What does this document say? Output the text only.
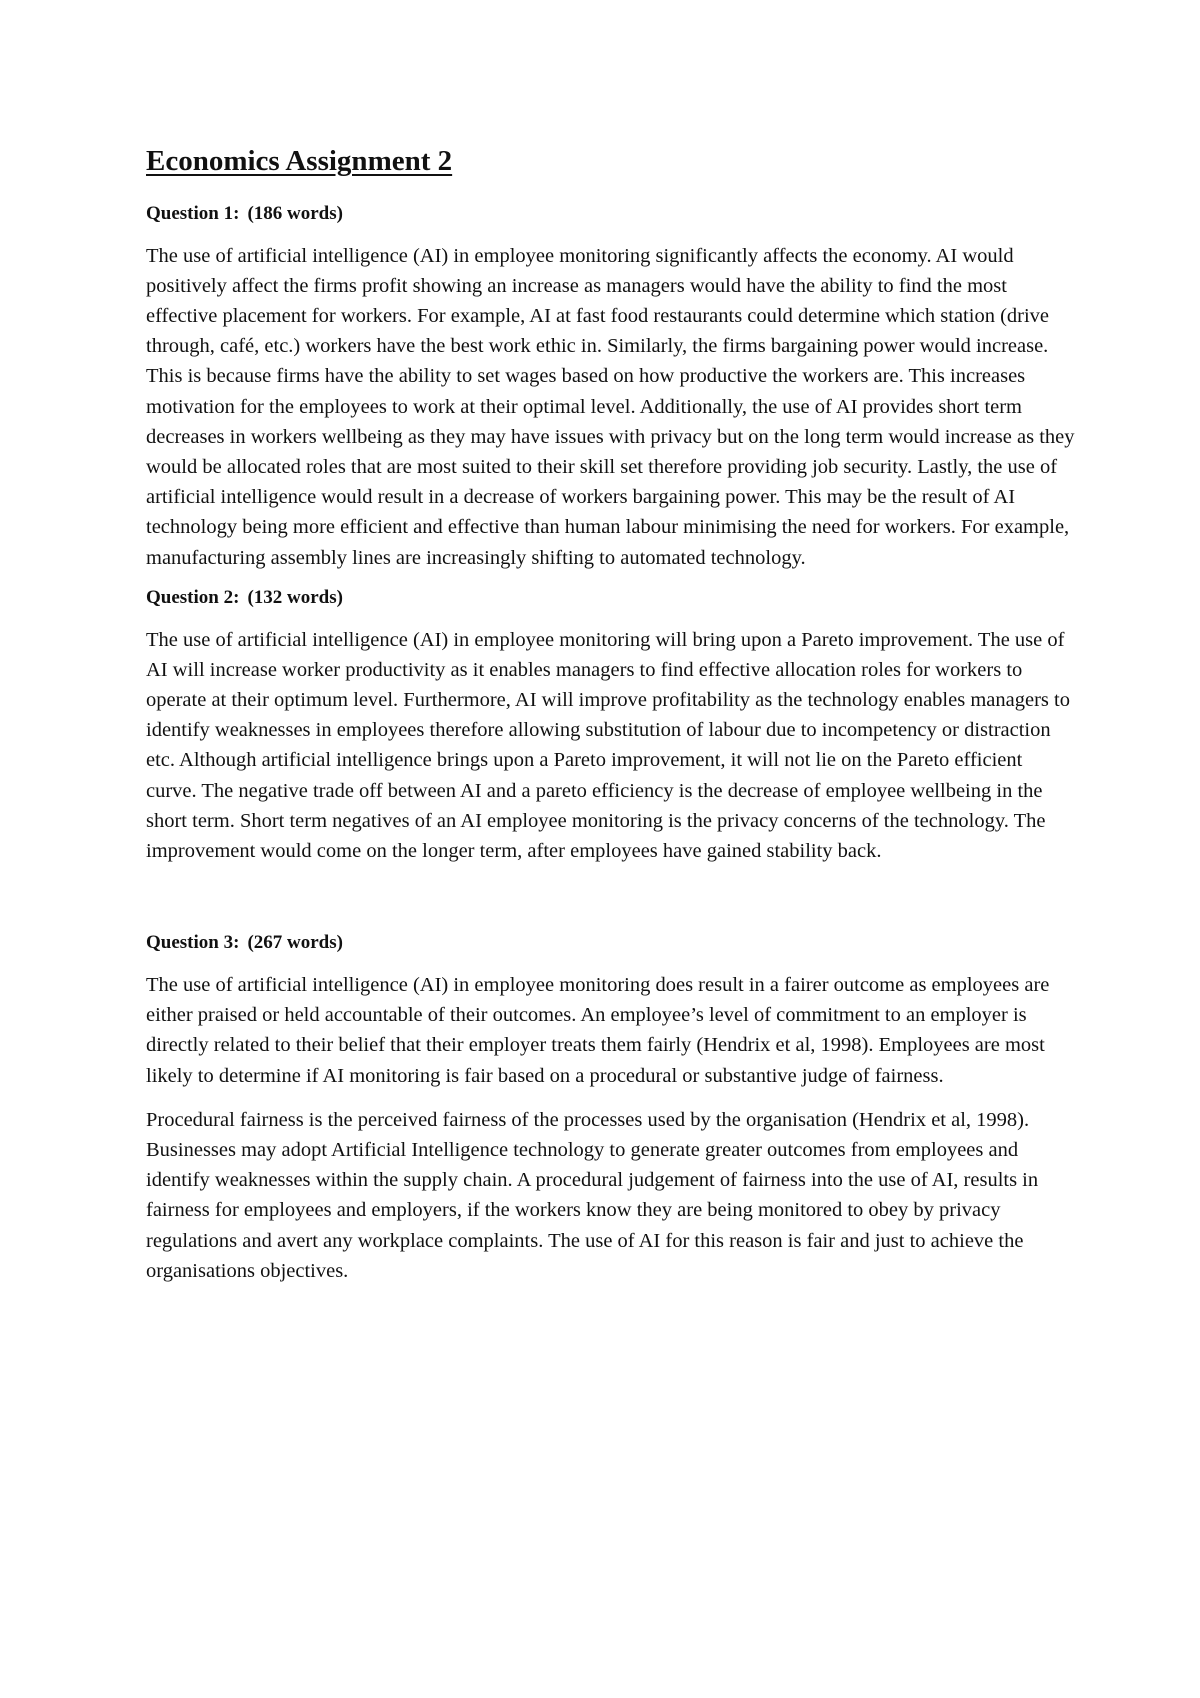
Economics Assignment 2
Question 1: (186 words)

The use of artificial intelligence (AI) in employee monitoring significantly affects the economy. AI would positively affect the firms profit showing an increase as managers would have the ability to find the most effective placement for workers. For example, AI at fast food restaurants could determine which station (drive through, café, etc.) workers have the best work ethic in. Similarly, the firms bargaining power would increase. This is because firms have the ability to set wages based on how productive the workers are. This increases motivation for the employees to work at their optimal level. Additionally, the use of AI provides short term decreases in workers wellbeing as they may have issues with privacy but on the long term would increase as they would be allocated roles that are most suited to their skill set therefore providing job security. Lastly, the use of artificial intelligence would result in a decrease of workers bargaining power. This may be the result of AI technology being more efficient and effective than human labour minimising the need for workers. For example, manufacturing assembly lines are increasingly shifting to automated technology.

Question 2: (132 words)

The use of artificial intelligence (AI) in employee monitoring will bring upon a Pareto improvement. The use of AI will increase worker productivity as it enables managers to find effective allocation roles for workers to operate at their optimum level. Furthermore, AI will improve profitability as the technology enables managers to identify weaknesses in employees therefore allowing substitution of labour due to incompetency or distraction etc. Although artificial intelligence brings upon a Pareto improvement, it will not lie on the Pareto efficient curve. The negative trade off between AI and a pareto efficiency is the decrease of employee wellbeing in the short term. Short term negatives of an AI employee monitoring is the privacy concerns of the technology. The improvement would come on the longer term, after employees have gained stability back.

Question 3: (267 words)

The use of artificial intelligence (AI) in employee monitoring does result in a fairer outcome as employees are either praised or held accountable of their outcomes. An employee’s level of commitment to an employer is directly related to their belief that their employer treats them fairly (Hendrix et al, 1998). Employees are most likely to determine if AI monitoring is fair based on a procedural or substantive judge of fairness.

Procedural fairness is the perceived fairness of the processes used by the organisation (Hendrix et al, 1998). Businesses may adopt Artificial Intelligence technology to generate greater outcomes from employees and identify weaknesses within the supply chain. A procedural judgement of fairness into the use of AI, results in fairness for employees and employers, if the workers know they are being monitored to obey by privacy regulations and avert any workplace complaints. The use of AI for this reason is fair and just to achieve the organisations objectives.
